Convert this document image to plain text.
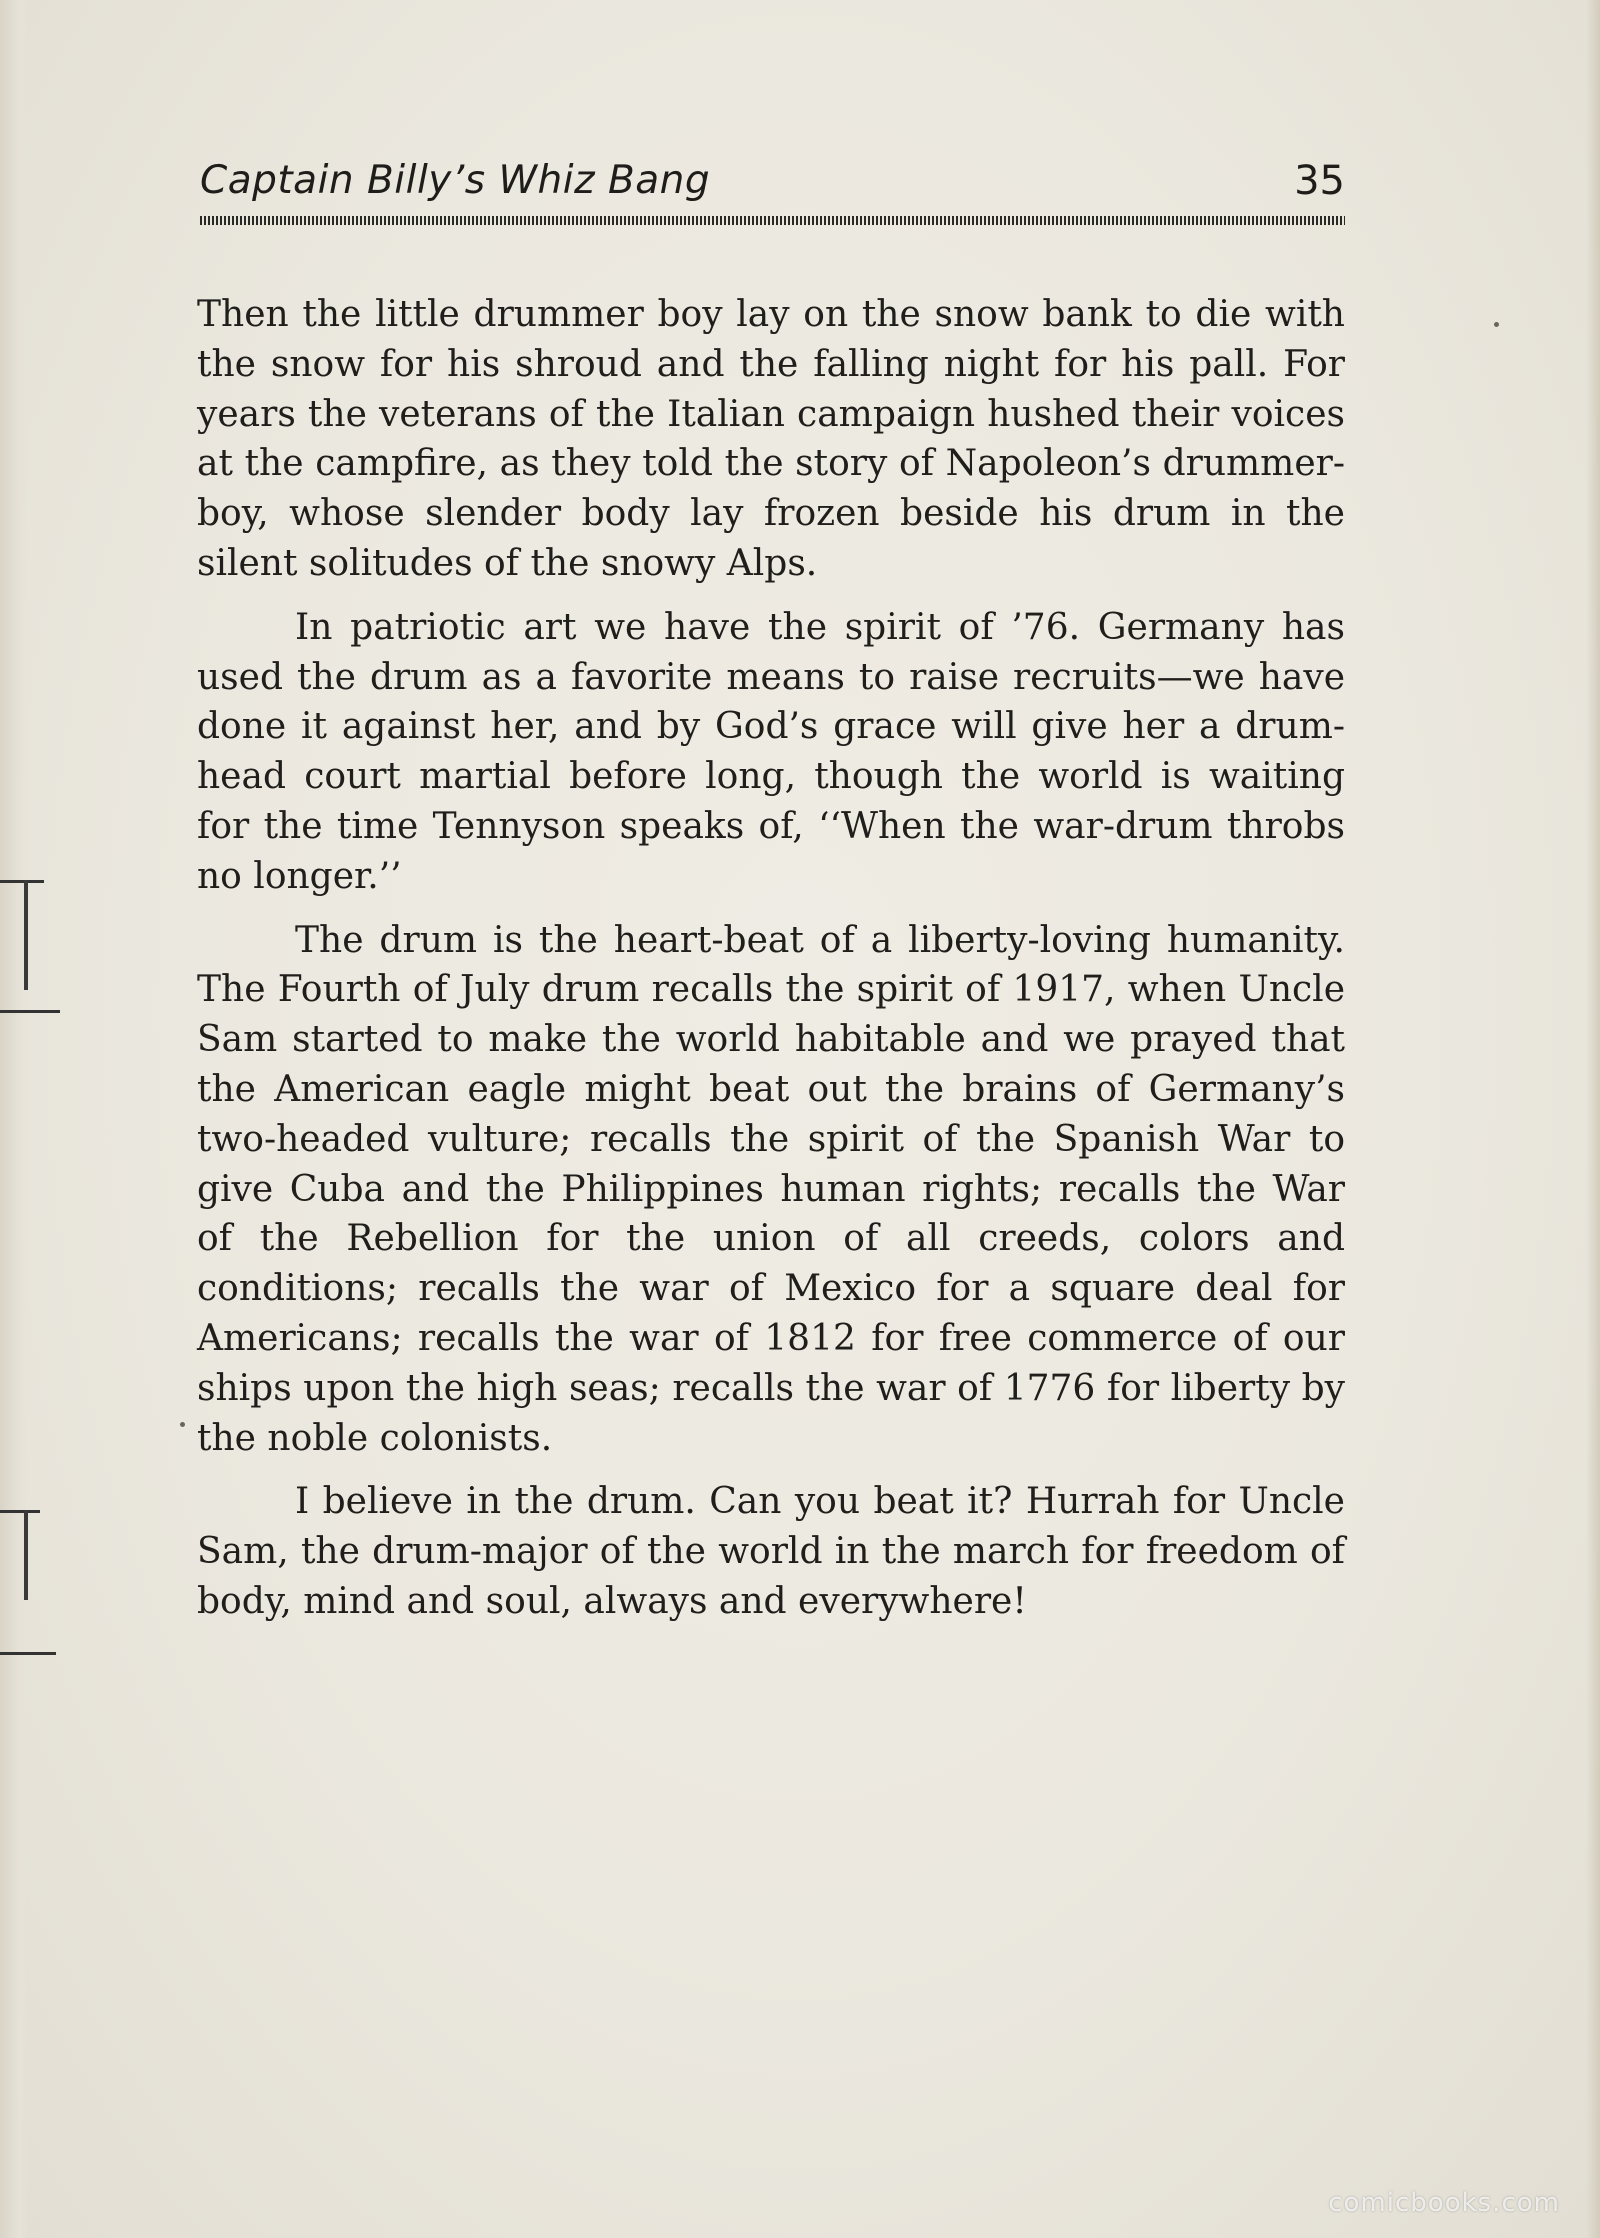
Captain Billy’s Whiz Bang	35

Then the little drummer boy lay on the snow bank to die with the snow for his shroud and the falling night for his pall. For years the veterans of the Italian campaign hushed their voices at the campfire, as they told the story of Napoleon’s drummer-boy, whose slender body lay frozen beside his drum in the silent solitudes of the snowy Alps.

In patriotic art we have the spirit of ’76. Germany has used the drum as a favorite means to raise recruits—we have done it against her, and by God’s grace will give her a drum-head court martial before long, though the world is waiting for the time Tennyson speaks of, ‘‘When the war-drum throbs no longer.’’

The drum is the heart-beat of a liberty-loving humanity. The Fourth of July drum recalls the spirit of 1917, when Uncle Sam started to make the world habitable and we prayed that the American eagle might beat out the brains of Germany’s two-headed vulture; recalls the spirit of the Spanish War to give Cuba and the Philippines human rights; recalls the War of the Rebellion for the union of all creeds, colors and conditions; recalls the war of Mexico for a square deal for Americans; recalls the war of 1812 for free commerce of our ships upon the high seas; recalls the war of 1776 for liberty by the noble colonists.

I believe in the drum. Can you beat it? Hurrah for Uncle Sam, the drum-major of the world in the march for freedom of body, mind and soul, always and everywhere!

comicbooks.com
